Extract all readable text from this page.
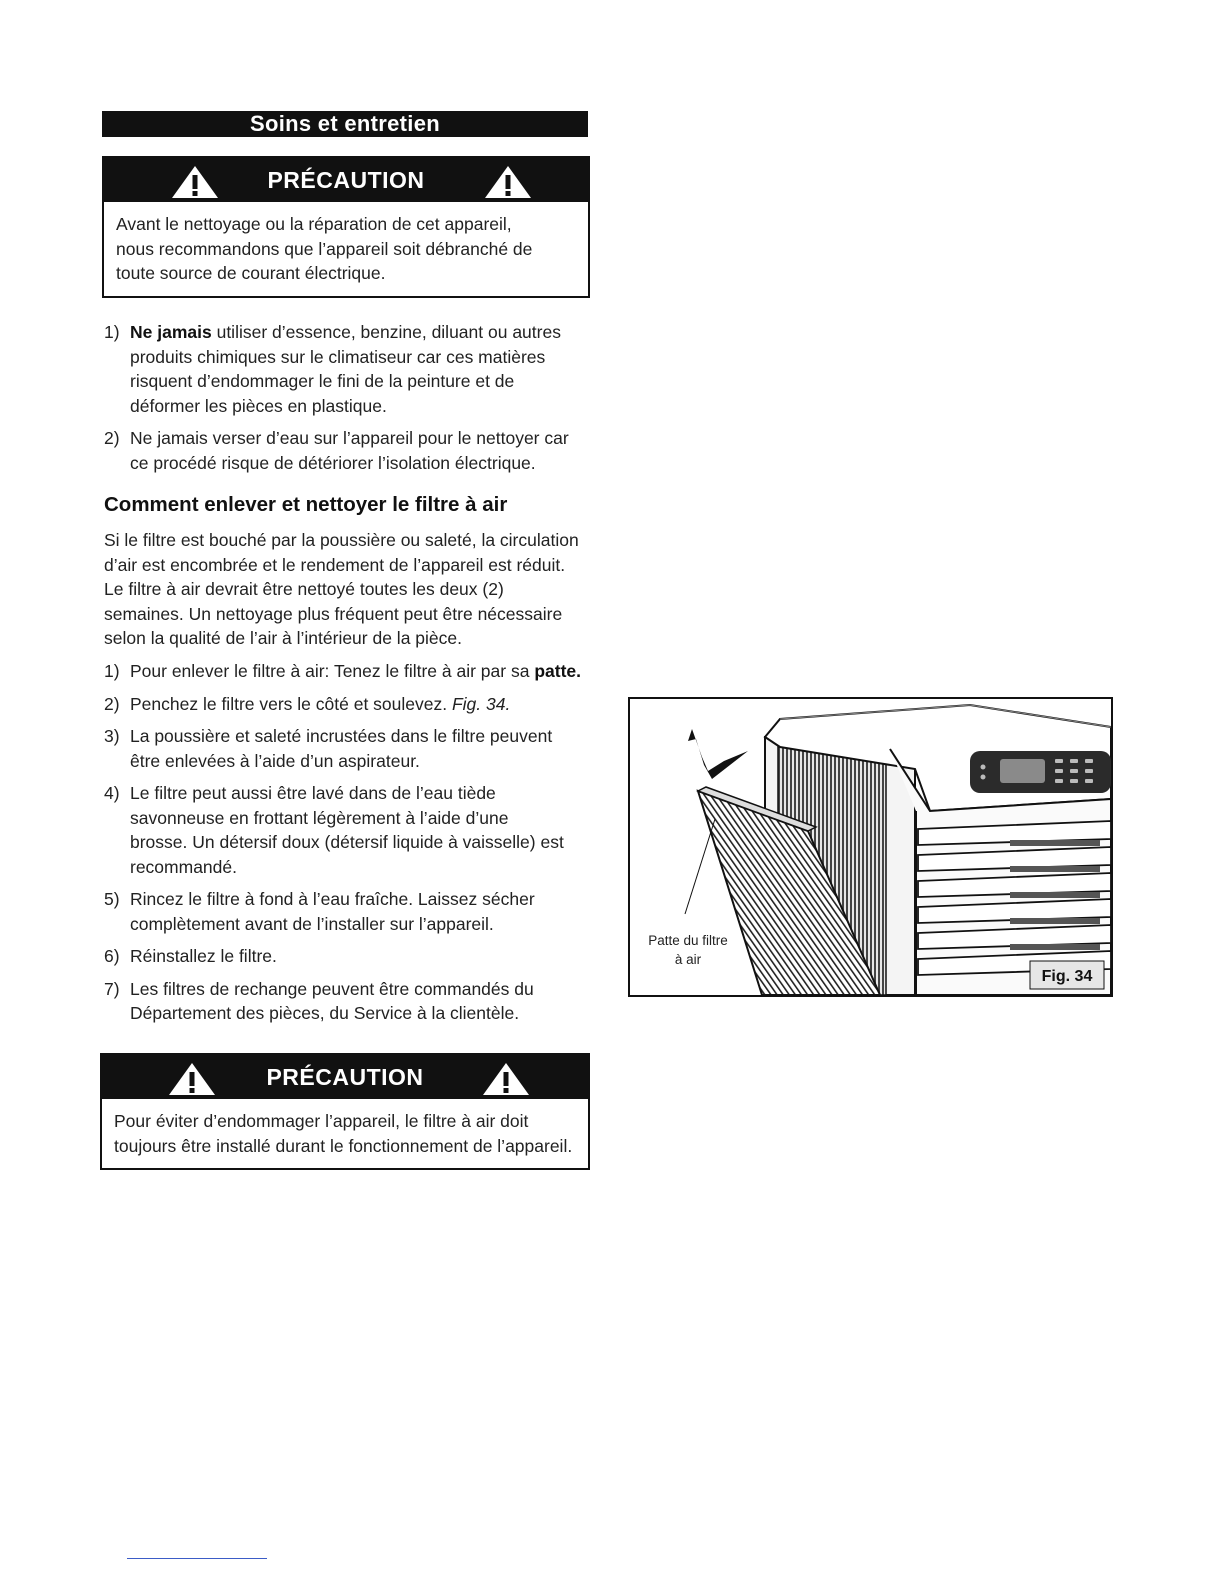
Soins et entretien
PRÉCAUTION
Avant le nettoyage ou la réparation de cet appareil, nous recommandons que l’appareil soit débranché de toute source de courant électrique.
1) Ne jamais utiliser d’essence, benzine, diluant ou autres produits chimiques sur le climatiseur car ces matières risquent d’endommager le fini de la peinture et de déformer les pièces en plastique.
2) Ne jamais verser d’eau sur l’appareil pour le nettoyer car ce procédé risque de détériorer l’isolation électrique.
Comment enlever et nettoyer le filtre à air
Si le filtre est bouché par la poussière ou saleté, la circulation d’air est encombrée et le rendement de l’appareil est réduit. Le filtre à air devrait être nettoyé toutes les deux (2) semaines. Un nettoyage plus fréquent peut être nécessaire selon la qualité de l’air à l’intérieur de la pièce.
1) Pour enlever le filtre à air: Tenez le filtre à air par sa patte.
2) Penchez le filtre vers le côté et soulevez. Fig. 34.
3) La poussière et saleté incrustées dans le filtre peuvent être enlevées à l’aide d’un aspirateur.
4) Le filtre peut aussi être lavé dans de l’eau tiède savonneuse en frottant légèrement à l’aide d’une brosse. Un détersif doux (détersif liquide à vaisselle) est recommandé.
5) Rincez le filtre à fond à l’eau fraîche. Laissez sécher complètement avant de l’installer sur l’appareil.
6) Réinstallez le filtre.
7) Les filtres de rechange peuvent être commandés du Département des pièces, du Service à la clientèle.
PRÉCAUTION
Pour éviter d’endommager l’appareil, le filtre à air doit toujours être installé durant le fonctionnement de l’appareil.
Fig. 34
Patte du filtre
à air
